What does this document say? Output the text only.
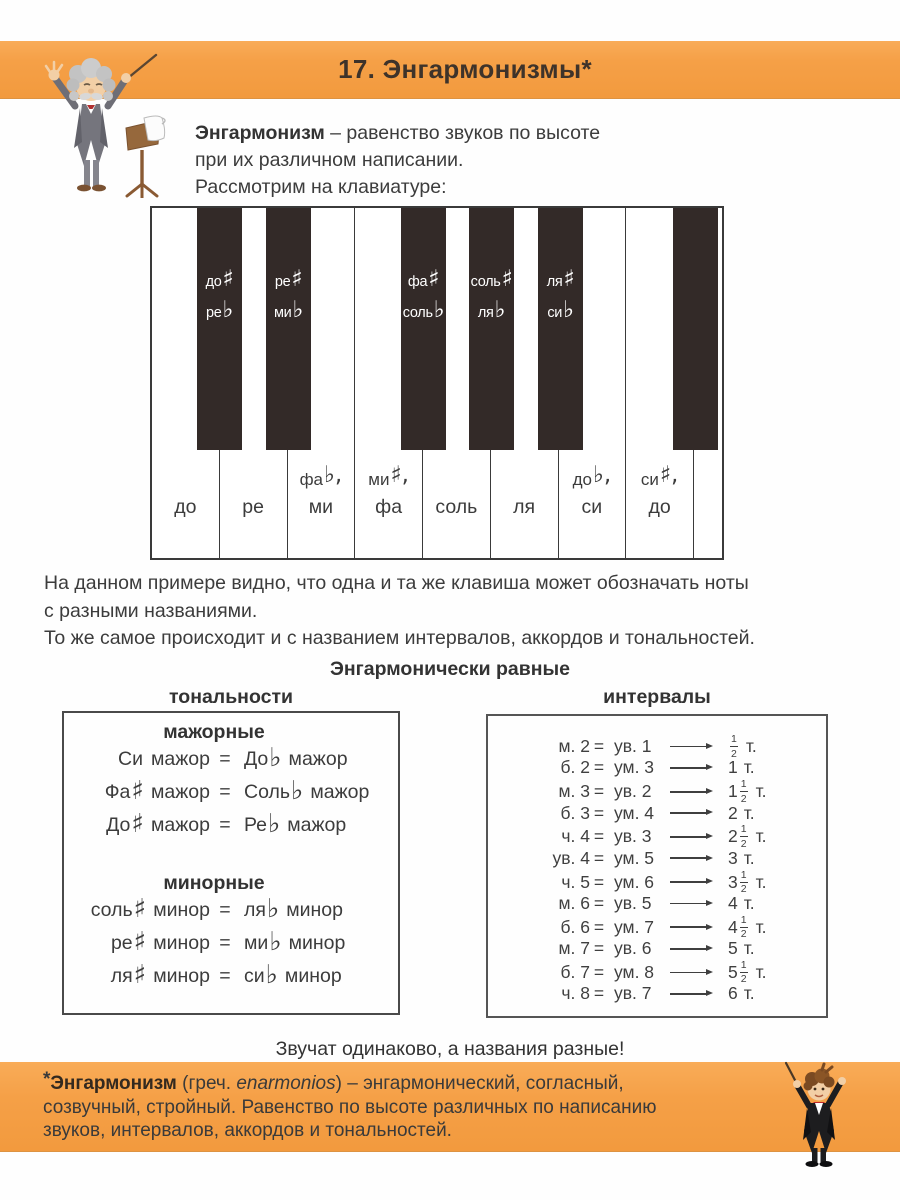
17. Энгармонизмы*
Энгармонизм – равенство звуков по высоте
при их различном написании.
Рассмотрим на клавиатуре:
до ре
фа ♭,
ми
ми ♯,
фа соль ля
до ♭,
си
си ♯,
до
до ♯
ре ♭
ре ♯
ми ♭
фа ♯
соль ♭
соль ♯
ля ♭
ля ♯
си ♭
На данном примере видно, что одна и та же клавиша может обозначать ноты
с разными названиями.
То же самое происходит и с названием интервалов, аккордов и тональностей.
Энгармонически равные
тональности	интервалы
мажорные
Си мажор = До♭ мажор
Фа♯ мажор = Соль♭ мажор
До♯ мажор = Ре♭ мажор
минорные
соль♯ минор = ля♭ минор
ре♯ минор = ми♭ минор
ля♯ минор = си♭ минор
м. 2 = ув. 1	$\frac{1}{2} т$.
б. 2 = ум. 3	1 т.
м. 3 = ув. 2	$1 \frac{1}{2} т$.
б. 3 = ум. 4	2 т.
ч. 4 = ув. 3	$2 \frac{1}{2} т$.
ув. 4 = ум. 5	3 т.
ч. 5 = ум. 6	$3 \frac{1}{2} т$.
м. 6 = ув. 5	4 т.
б. 6 = ум. 7	$4 \frac{1}{2} т$.
м. 7 = ув. 6	5 т.
б. 7 = ум. 8	$5 \frac{1}{2} т$.
ч. 8 = ув. 7	6 т.
Звучат одинаково, а названия разные!
*Энгармонизм (греч. enarmonios) – энгармонический, согласный,
созвучный, стройный. Равенство по высоте различных по написанию
звуков, интервалов, аккордов и тональностей.
